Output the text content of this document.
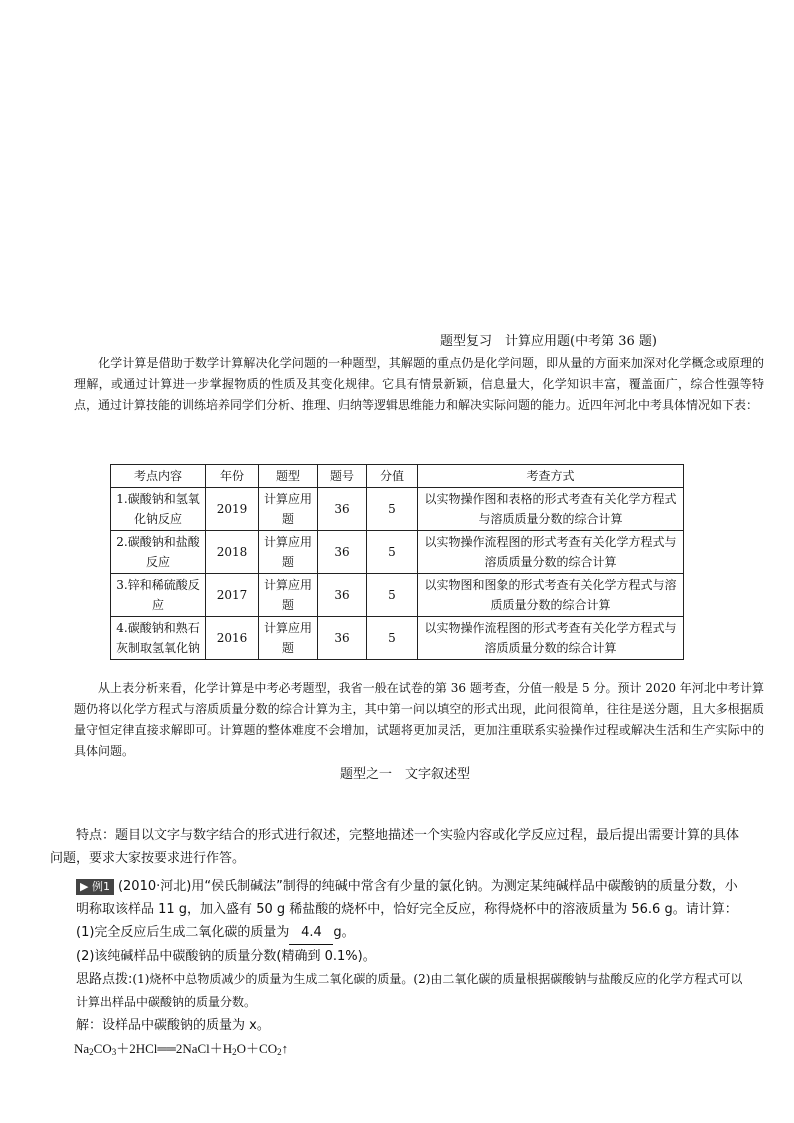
题型复习　计算应用题(中考第 36 题)
化学计算是借助于数学计算解决化学问题的一种题型，其解题的重点仍是化学问题，即从量的方面来加深对化学概念或原理的理解，或通过计算进一步掌握物质的性质及其变化规律。它具有情景新颖，信息量大，化学知识丰富，覆盖面广，综合性强等特点，通过计算技能的训练培养同学们分析、推理、归纳等逻辑思维能力和解决实际问题的能力。近四年河北中考具体情况如下表：
考点内容	年份	题型	题号	分值	考查方式
1.碳酸钠和氢氧化钠反应	2019	计算应用题	36	5	以实物操作图和表格的形式考查有关化学方程式与溶质质量分数的综合计算
2.碳酸钠和盐酸反应	2018	计算应用题	36	5	以实物操作流程图的形式考查有关化学方程式与溶质质量分数的综合计算
3.锌和稀硫酸反应	2017	计算应用题	36	5	以实物图和图象的形式考查有关化学方程式与溶质质量分数的综合计算
4.碳酸钠和熟石灰制取氢氧化钠	2016	计算应用题	36	5	以实物操作流程图的形式考查有关化学方程式与溶质质量分数的综合计算
从上表分析来看，化学计算是中考必考题型，我省一般在试卷的第 36 题考查，分值一般是 5 分。预计 2020 年河北中考计算题仍将以化学方程式与溶质质量分数的综合计算为主，其中第一问以填空的形式出现，此问很简单，往往是送分题，且大多根据质量守恒定律直接求解即可。计算题的整体难度不会增加，试题将更加灵活，更加注重联系实验操作过程或解决生活和生产实际中的具体问题。
题型之一　文字叙述型
特点：题目以文字与数字结合的形式进行叙述，完整地描述一个实验内容或化学反应过程，最后提出需要计算的具体问题，要求大家按要求进行作答。
▶ 例1 (2010·河北)用“侯氏制碱法”制得的纯碱中常含有少量的氯化钠。为测定某纯碱样品中碳酸钠的质量分数，小明称取该样品 11 g，加入盛有 50 g 稀盐酸的烧杯中，恰好完全反应，称得烧杯中的溶液质量为 56.6 g。请计算：
(1)完全反应后生成二氧化碳的质量为 4.4 g。
(2)该纯碱样品中碳酸钠的质量分数(精确到 0.1%)。
思路点拨:(1)烧杯中总物质减少的质量为生成二氧化碳的质量。(2)由二氧化碳的质量根据碳酸钠与盐酸反应的化学方程式可以计算出样品中碳酸钠的质量分数。
解：设样品中碳酸钠的质量为 x。
$Na_2CO_3+2HCl══2NaCl+H_2O+CO_2↑$
